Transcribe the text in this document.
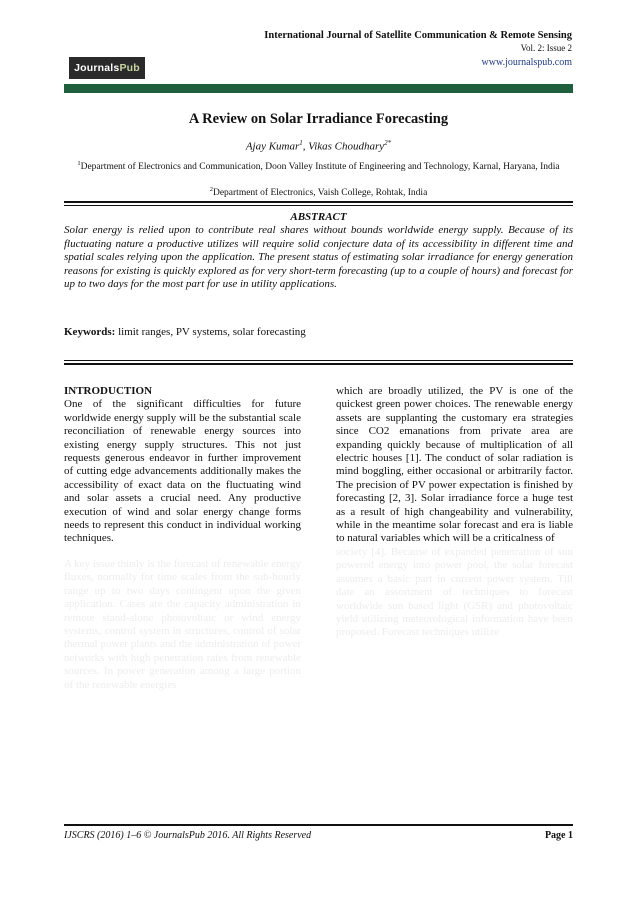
International Journal of Satellite Communication & Remote Sensing
Vol. 2: Issue 2
www.journalspub.com
Journals Pub
A Review on Solar Irradiance Forecasting
Ajay Kumar$^1$, Vikas Choudhary$^{2*}$
$^1$Department of Electronics and Communication, Doon Valley Institute of Engineering and Technology, Karnal, Haryana, India
$^2$Department of Electronics, Vaish College, Rohtak, India
ABSTRACT

Solar energy is relied upon to contribute real shares without bounds worldwide energy supply. Because of its fluctuating nature a productive utilizes will require solid conjecture data of its accessibility in different time and spatial scales relying upon the application. The present status of estimating solar irradiance for energy generation reasons for existing is quickly explored as for very short-term forecasting (up to a couple of hours) and forecast for up to two days for the most part for use in utility applications.

Keywords: limit ranges, PV systems, solar forecasting

INTRODUCTION

One of the significant difficulties for future worldwide energy supply will be the substantial scale reconciliation of renewable energy sources into existing energy supply structures. This not just requests generous endeavor in further improvement of cutting edge advancements additionally makes the accessibility of exact data on the fluctuating wind and solar assets a crucial need. Any productive execution of wind and solar energy change forms needs to represent this conduct in individual working techniques.

A key issue thusly is the forecast of renewable energy fluxes, normally for time scales from the sub-hourly range up to two days contingent upon the given application. Cases are the capacity administration in remote stand-alone photovoltaic or wind energy systems, control system in structures, control of solar thermal power plants and the administration of power networks with high penetration rates from renewable sources. In power generation among a large portion of the renewable energies

which are broadly utilized, the PV is one of the quickest green power choices. The renewable energy assets are supplanting the customary era strategies since CO2 emanations from private area are expanding quickly because of multiplication of all electric houses [1]. The conduct of solar radiation is mind boggling, either occasional or arbitrarily factor. The precision of PV power expectation is finished by forecasting [2, 3]. Solar irradiance force a huge test as a result of high changeability and vulnerability, while in the meantime solar forecast and era is liable to natural variables which will be a criticalness of

society [4]. Because of expanded penetration of sun powered energy into power pool, the solar forecast assumes a basic part in current power system. Till date an assortment of techniques to forecast worldwide sun based light (GSR) and photovoltaic yield utilizing meteorological information have been proposed. Forecast techniques utilize

IJSCRS (2016) 1–6 © JournalsPub 2016. All Rights Reserved	Page 1
